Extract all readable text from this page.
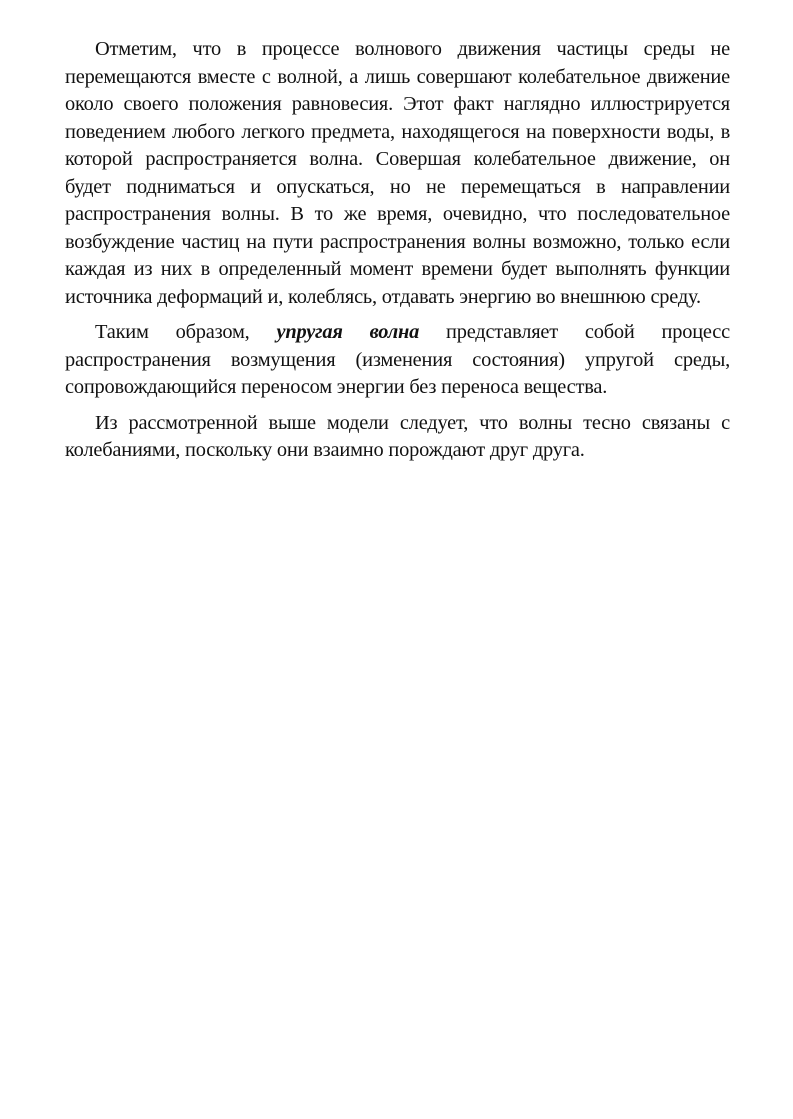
Отметим, что в процессе волнового движения частицы среды не перемещаются вместе с волной, а лишь совершают колебательное движение около своего положения равновесия. Этот факт наглядно иллюстрируется поведением любого легкого предмета, находящегося на поверхности воды, в которой распространяется волна. Совершая колебательное движение, он будет подниматься и опускаться, но не перемещаться в направлении распространения волны. В то же время, очевидно, что последовательное возбуждение частиц на пути распространения волны возможно, только если каждая из них в определенный момент времени будет выполнять функции источника деформаций и, колеблясь, отдавать энергию во внешнюю среду.

Таким образом, упругая волна представляет собой процесс распространения возмущения (изменения состояния) упругой среды, сопровождающийся переносом энергии без переноса вещества.

Из рассмотренной выше модели следует, что волны тесно связаны с колебаниями, поскольку они взаимно порождают друг друга.
